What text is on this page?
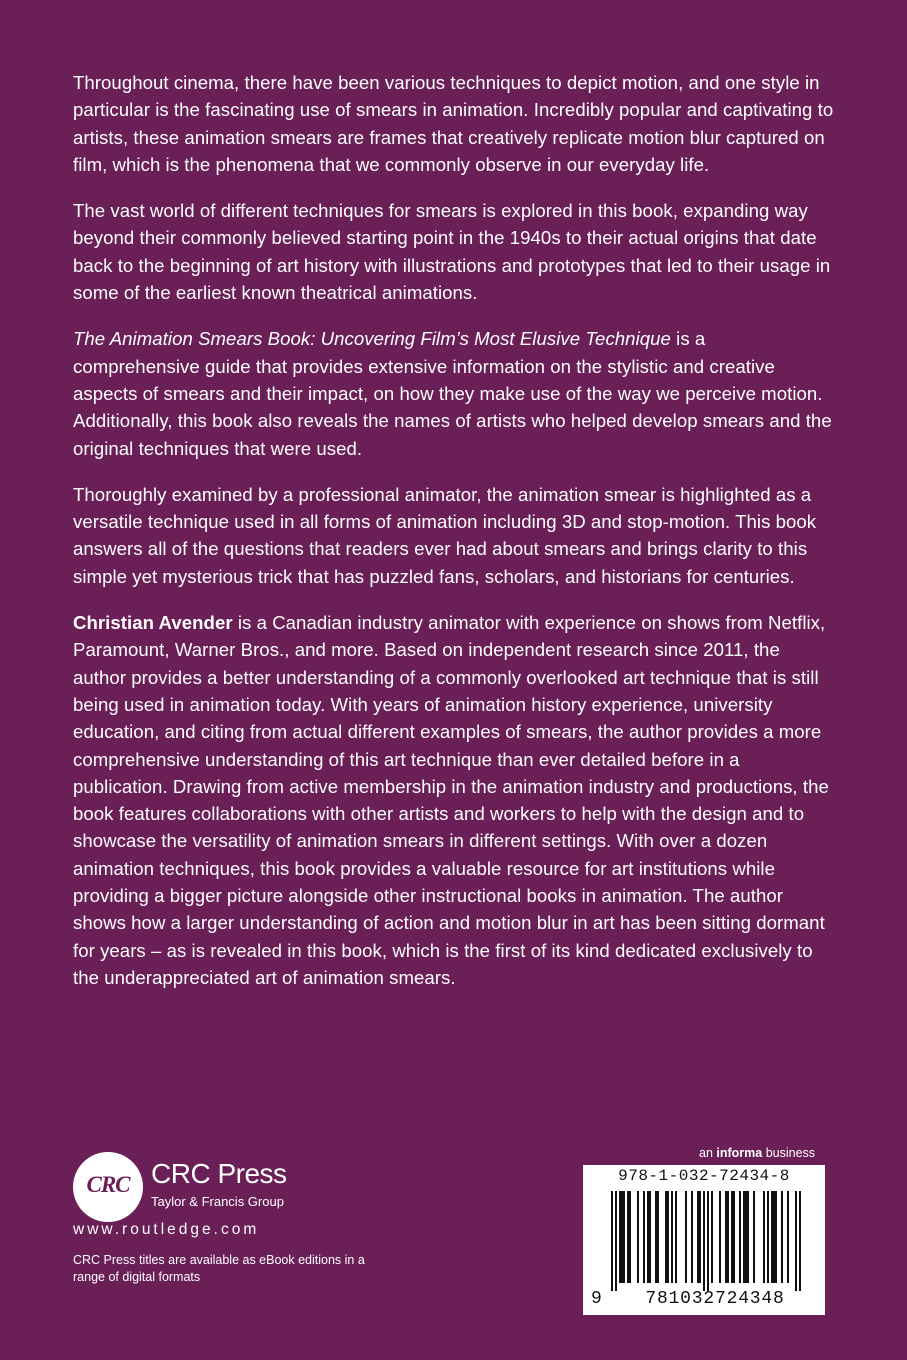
Throughout cinema, there have been various techniques to depict motion, and one style in particular is the fascinating use of smears in animation. Incredibly popular and captivating to artists, these animation smears are frames that creatively replicate motion blur captured on film, which is the phenomena that we commonly observe in our everyday life.

The vast world of different techniques for smears is explored in this book, expanding way beyond their commonly believed starting point in the 1940s to their actual origins that date back to the beginning of art history with illustrations and prototypes that led to their usage in some of the earliest known theatrical animations.

The Animation Smears Book: Uncovering Film’s Most Elusive Technique is a comprehensive guide that provides extensive information on the stylistic and creative aspects of smears and their impact, on how they make use of the way we perceive motion. Additionally, this book also reveals the names of artists who helped develop smears and the original techniques that were used.

Thoroughly examined by a professional animator, the animation smear is highlighted as a versatile technique used in all forms of animation including 3D and stop-motion. This book answers all of the questions that readers ever had about smears and brings clarity to this simple yet mysterious trick that has puzzled fans, scholars, and historians for centuries.

Christian Avender is a Canadian industry animator with experience on shows from Netflix, Paramount, Warner Bros., and more. Based on independent research since 2011, the author provides a better understanding of a commonly overlooked art technique that is still being used in animation today. With years of animation history experience, university education, and citing from actual different examples of smears, the author provides a more comprehensive understanding of this art technique than ever detailed before in a publication. Drawing from active membership in the animation industry and productions, the book features collaborations with other artists and workers to help with the design and to showcase the versatility of animation smears in different settings. With over a dozen animation techniques, this book provides a valuable resource for art institutions while providing a bigger picture alongside other instructional books in animation. The author shows how a larger understanding of action and motion blur in art has been sitting dormant for years – as is revealed in this book, which is the first of its kind dedicated exclusively to the underappreciated art of animation smears.

CRC CRC Press
Taylor & Francis Group
www.routledge.com
CRC Press titles are available as eBook editions in a range of digital formats
an informa business
978-1-032-72434-8
9	781032724348
